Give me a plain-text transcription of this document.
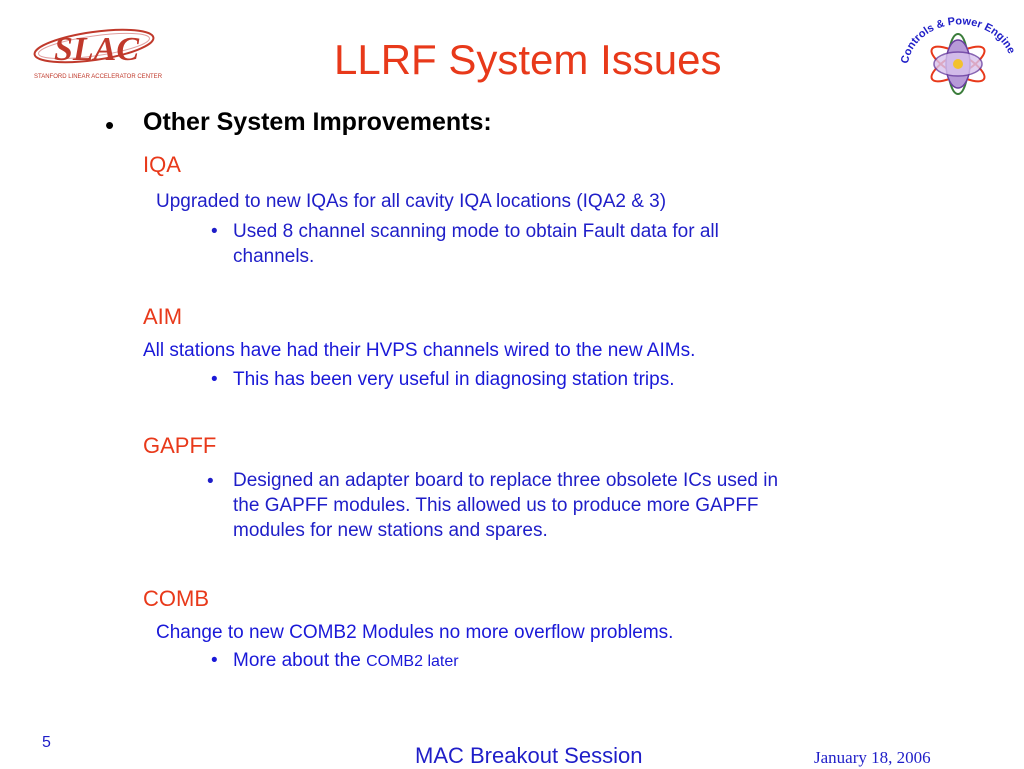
SLAC
STANFORD LINEAR ACCELERATOR CENTER
Controls & Power Engine
LLRF System Issues
• Other System Improvements:
IQA
Upgraded to new IQAs for all cavity IQA locations (IQA2 & 3)
• Used 8 channel scanning mode to obtain Fault data for all
channels.
AIM
All stations have had their HVPS channels wired to the new AIMs.
• This has been very useful in diagnosing station trips.
GAPFF
• Designed an adapter board to replace three obsolete ICs used in
the GAPFF modules. This allowed us to produce more GAPFF
modules for new stations and spares.
COMB
Change to new COMB2 Modules no more overflow problems.
• More about the COMB2 later
5
MAC Breakout Session	January 18, 2006
